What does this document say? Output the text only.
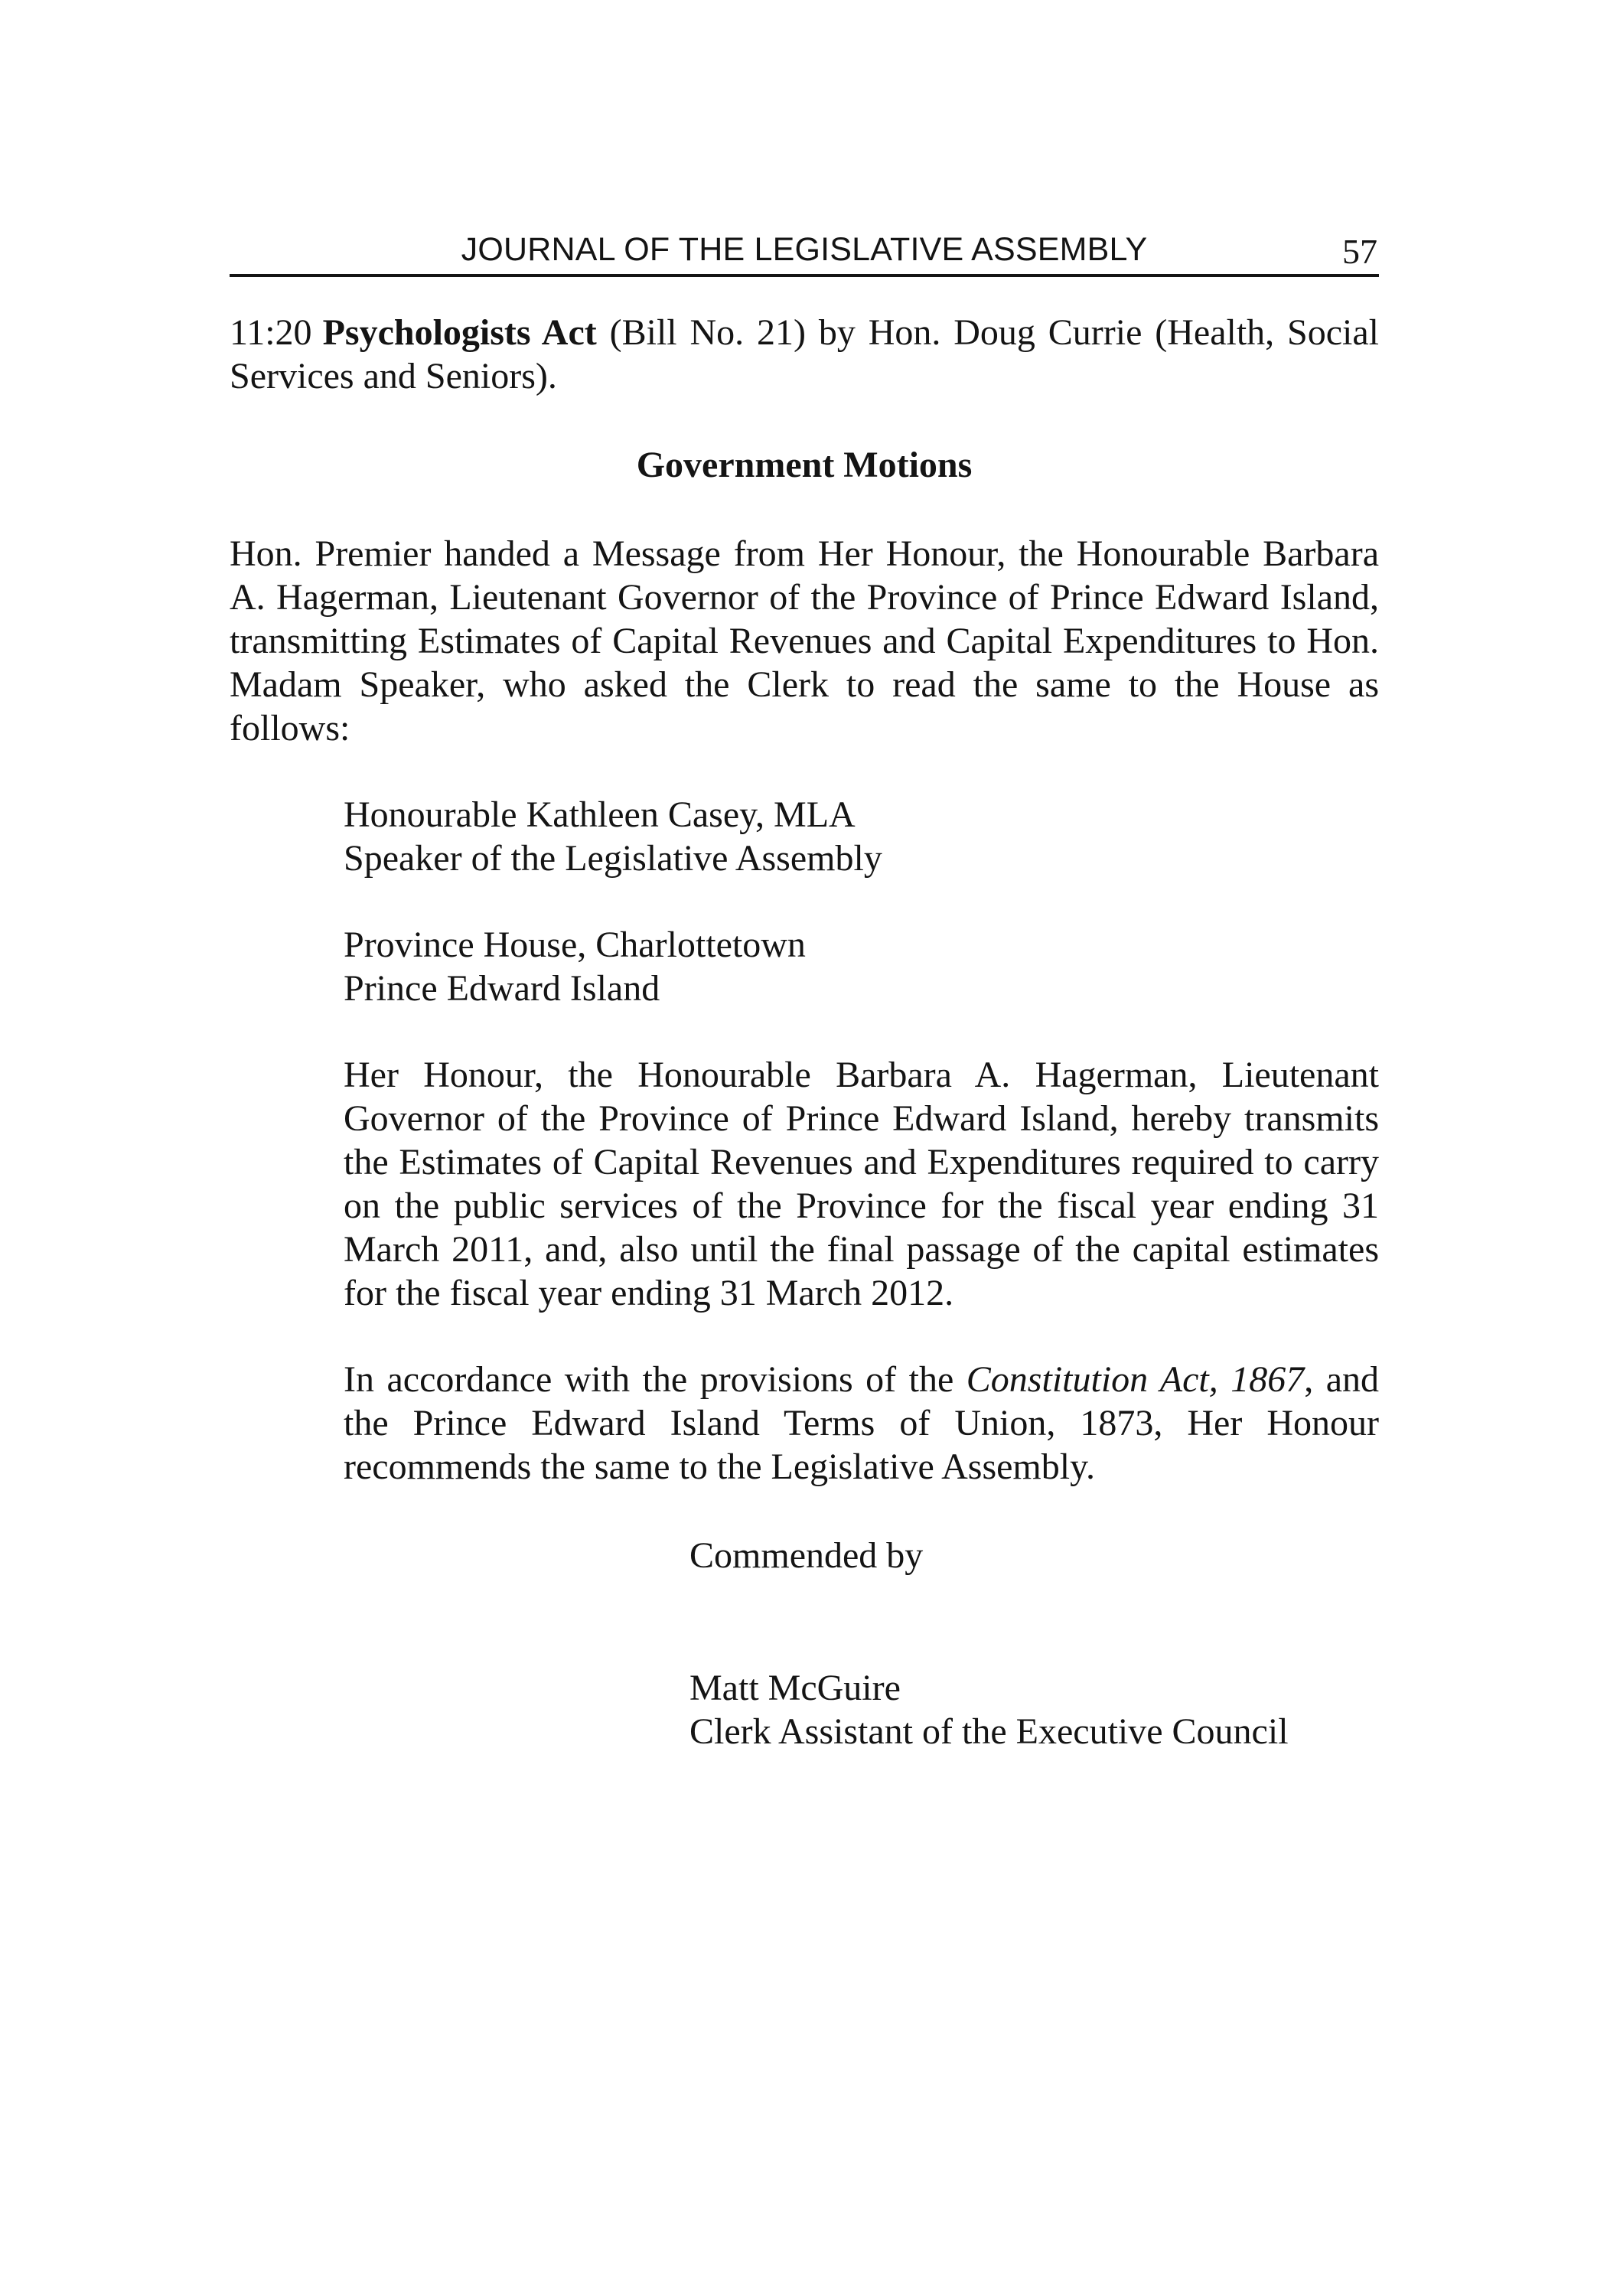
JOURNAL OF THE LEGISLATIVE ASSEMBLY	57
11:20 Psychologists Act (Bill No. 21) by Hon. Doug Currie (Health, Social Services and Seniors).
Government Motions
Hon. Premier handed a Message from Her Honour, the Honourable Barbara A. Hagerman, Lieutenant Governor of the Province of Prince Edward Island, transmitting Estimates of Capital Revenues and Capital Expenditures to Hon. Madam Speaker, who asked the Clerk to read the same to the House as follows:
Honourable Kathleen Casey, MLA
Speaker of the Legislative Assembly
Province House, Charlottetown
Prince Edward Island
Her Honour, the Honourable Barbara A. Hagerman, Lieutenant Governor of the Province of Prince Edward Island, hereby transmits the Estimates of Capital Revenues and Expenditures required to carry on the public services of the Province for the fiscal year ending 31 March 2011, and, also until the final passage of the capital estimates for the fiscal year ending 31 March 2012.
In accordance with the provisions of the Constitution Act, 1867, and the Prince Edward Island Terms of Union, 1873, Her Honour recommends the same to the Legislative Assembly.
Commended by
Matt McGuire
Clerk Assistant of the Executive Council
